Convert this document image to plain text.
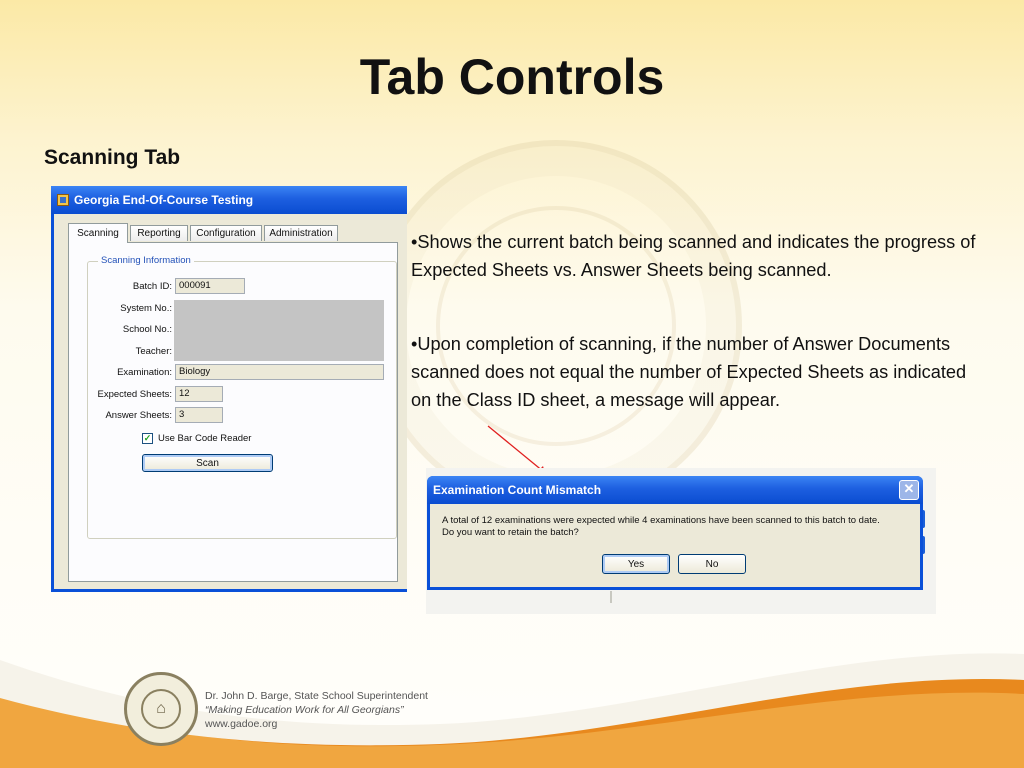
Tab Controls
Scanning Tab
Georgia End-Of-Course Testing
Scanning	Reporting	Configuration	Administration
Scanning Information
Batch ID: 000091
System No.:
School No.:
Teacher:
Examination: Biology
Expected Sheets: 12
Answer Sheets: 3
✓ Use Bar Code Reader
Scan
•Shows the current batch being scanned and indicates the progress of Expected Sheets vs. Answer Sheets being scanned.
•Upon completion of scanning, if the number of Answer Documents scanned does not equal the number of Expected Sheets as indicated on the Class ID sheet, a message will appear.
Examination Count Mismatch	✕
A total of 12 examinations were expected while 4 examinations have been scanned to this batch to date.
Do you want to retain the batch?
Yes	No
⌂
Dr. John D. Barge, State School Superintendent
“Making Education Work for All Georgians”
www.gadoe.org
